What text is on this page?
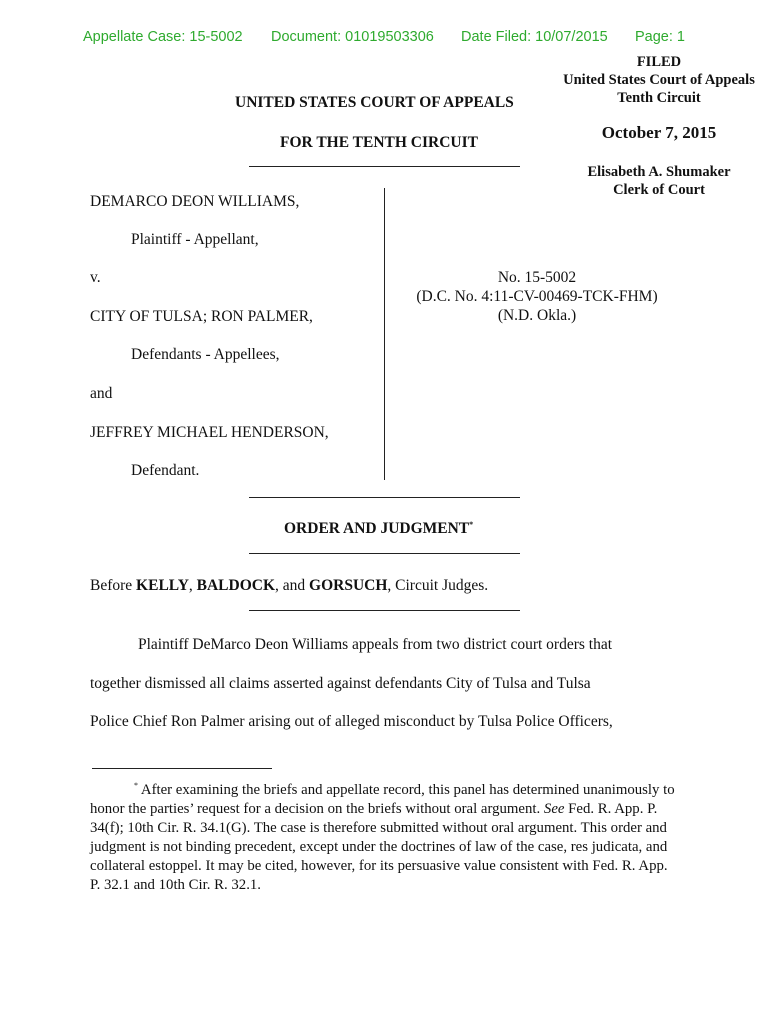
Appellate Case: 15-5002 Document: 01019503306 Date Filed: 10/07/2015 Page: 1
FILED
United States Court of Appeals
Tenth Circuit
October 7, 2015
Elisabeth A. Shumaker
Clerk of Court
UNITED STATES COURT OF APPEALS
FOR THE TENTH CIRCUIT
DEMARCO DEON WILLIAMS,
Plaintiff - Appellant,
v.
CITY OF TULSA; RON PALMER,
Defendants - Appellees,
and
JEFFREY MICHAEL HENDERSON,
Defendant.
No. 15-5002
(D.C. No. 4:11-CV-00469-TCK-FHM)
(N.D. Okla.)
ORDER AND JUDGMENT*
Before KELLY, BALDOCK, and GORSUCH, Circuit Judges.
Plaintiff DeMarco Deon Williams appeals from two district court orders that
together dismissed all claims asserted against defendants City of Tulsa and Tulsa
Police Chief Ron Palmer arising out of alleged misconduct by Tulsa Police Officers,
* After examining the briefs and appellate record, this panel has determined unanimously to honor the parties’ request for a decision on the briefs without oral argument. See Fed. R. App. P. 34(f); 10th Cir. R. 34.1(G). The case is therefore submitted without oral argument. This order and judgment is not binding precedent, except under the doctrines of law of the case, res judicata, and collateral estoppel. It may be cited, however, for its persuasive value consistent with Fed. R. App. P. 32.1 and 10th Cir. R. 32.1.
